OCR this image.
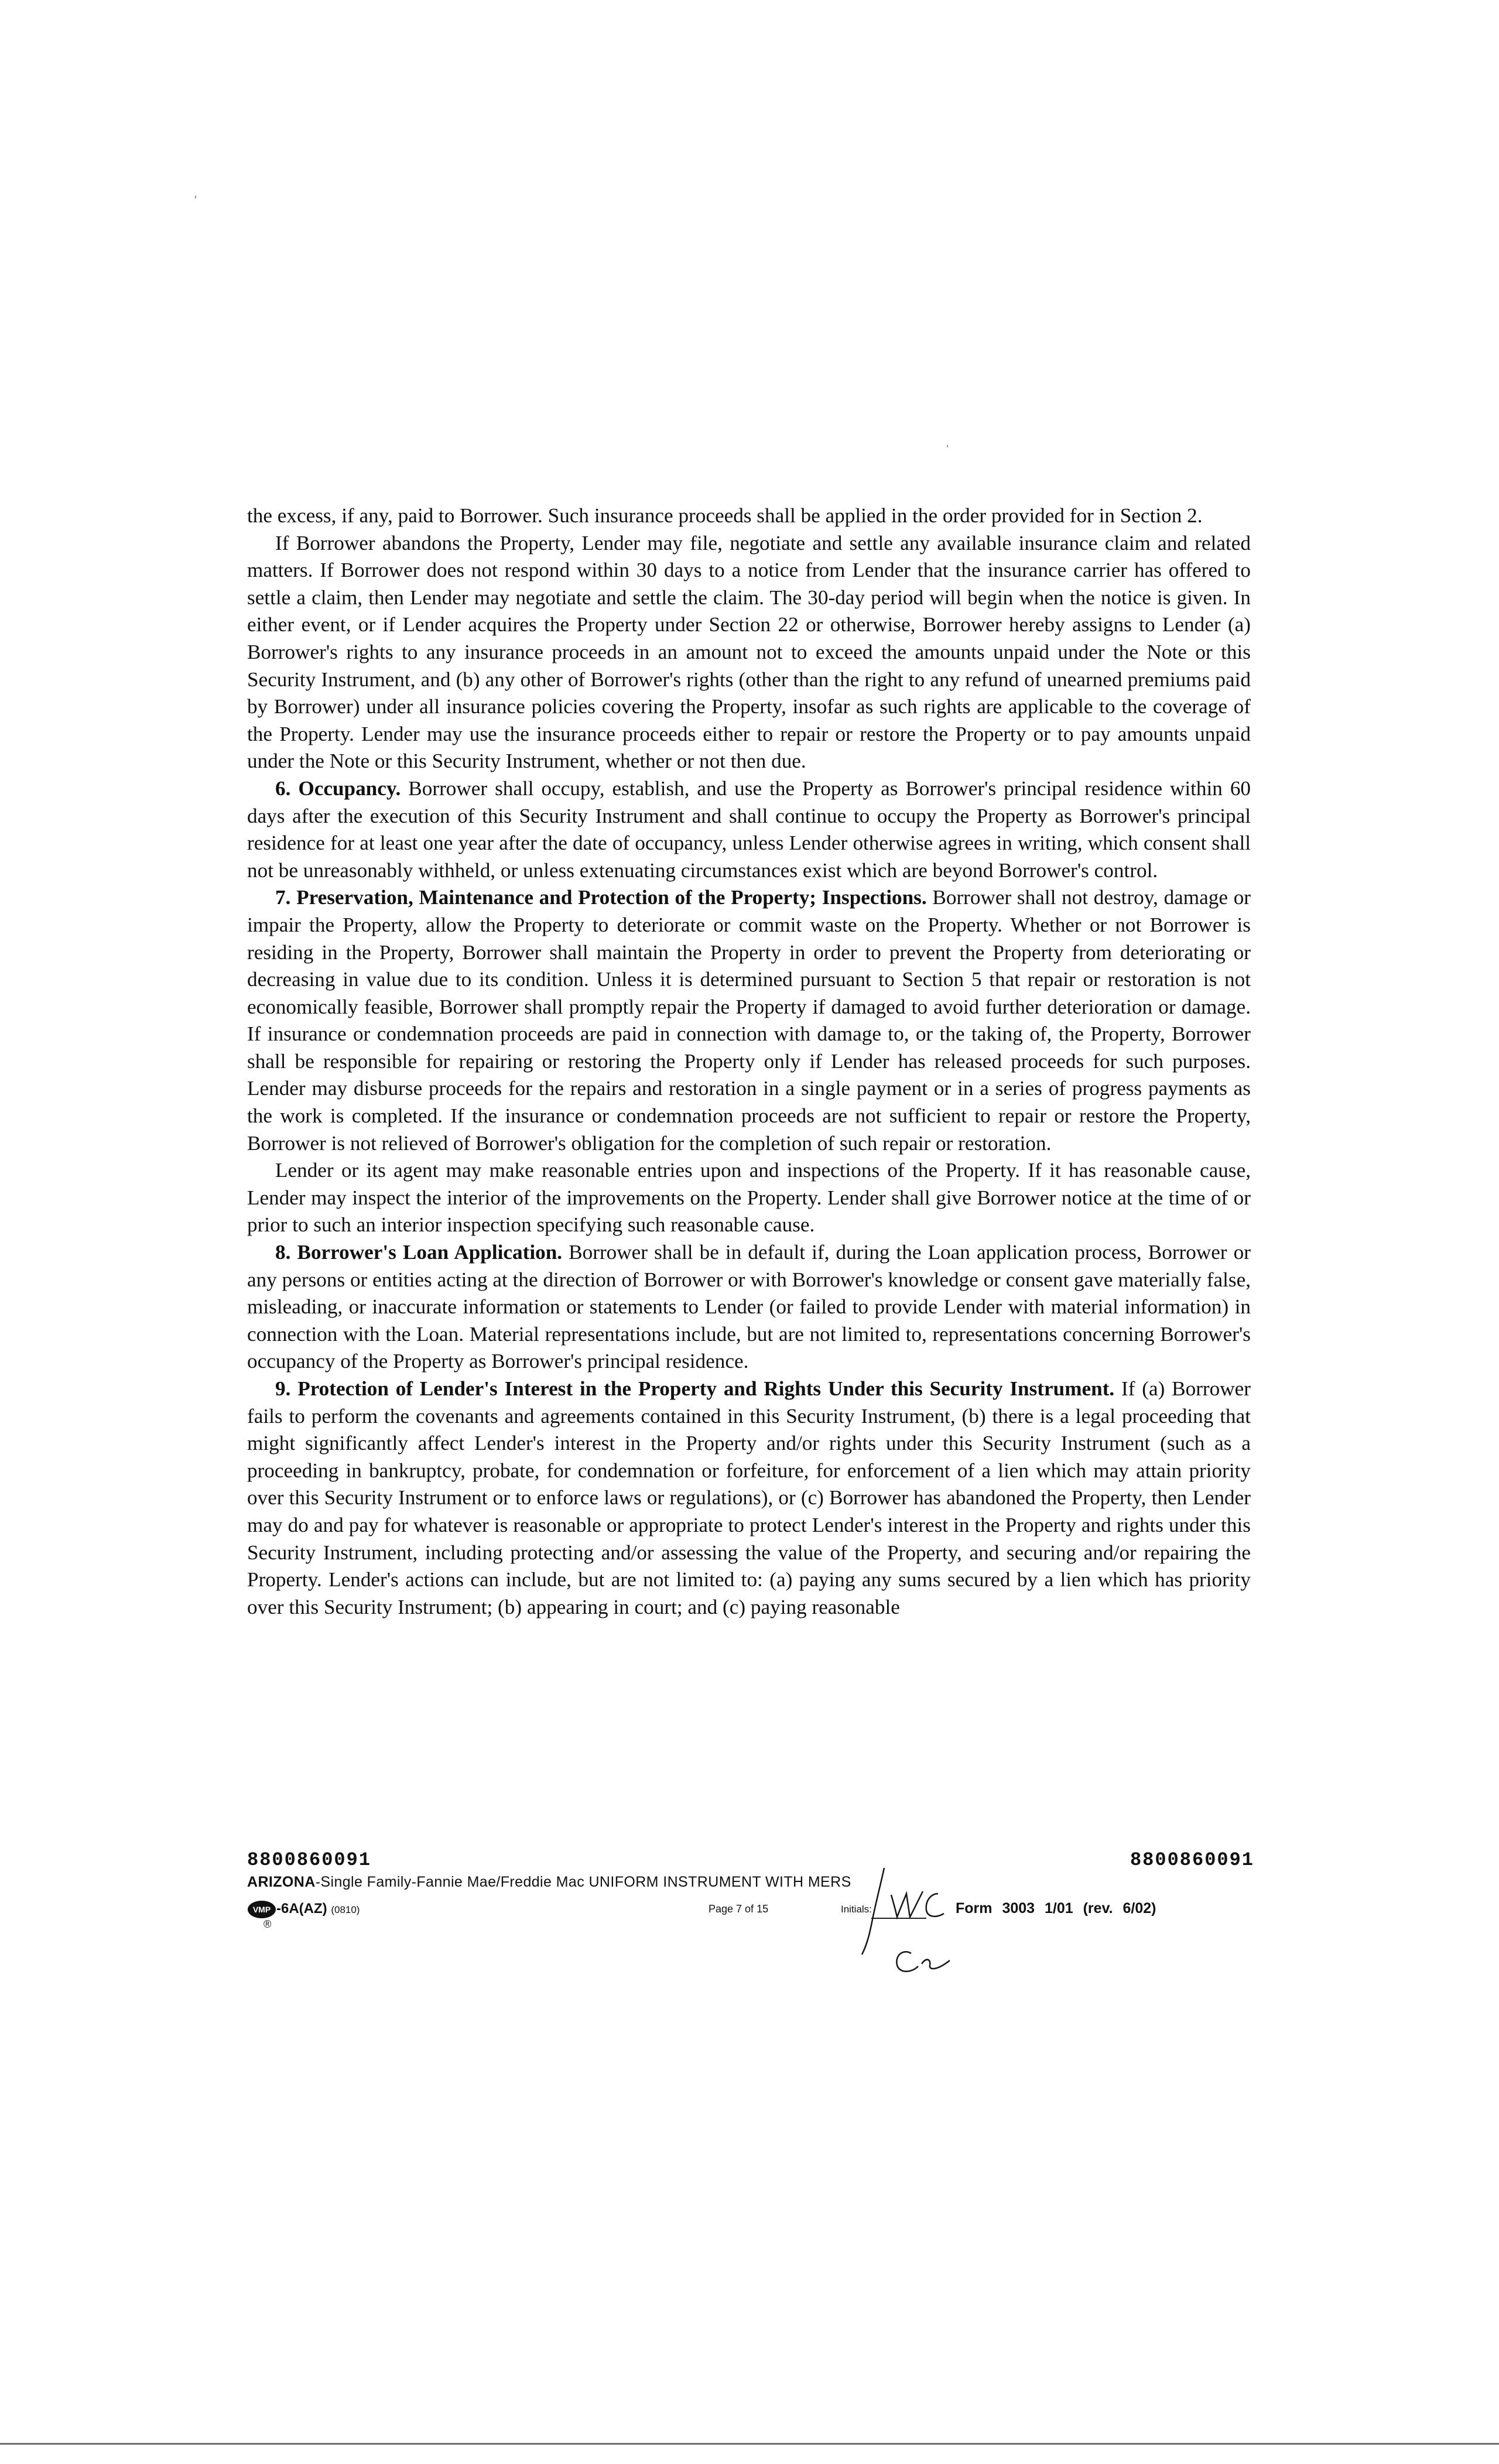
the excess, if any, paid to Borrower. Such insurance proceeds shall be applied in the order provided for in Section 2.

If Borrower abandons the Property, Lender may file, negotiate and settle any available insurance claim and related matters. If Borrower does not respond within 30 days to a notice from Lender that the insurance carrier has offered to settle a claim, then Lender may negotiate and settle the claim. The 30-day period will begin when the notice is given. In either event, or if Lender acquires the Property under Section 22 or otherwise, Borrower hereby assigns to Lender (a) Borrower's rights to any insurance proceeds in an amount not to exceed the amounts unpaid under the Note or this Security Instrument, and (b) any other of Borrower's rights (other than the right to any refund of unearned premiums paid by Borrower) under all insurance policies covering the Property, insofar as such rights are applicable to the coverage of the Property. Lender may use the insurance proceeds either to repair or restore the Property or to pay amounts unpaid under the Note or this Security Instrument, whether or not then due.

6. Occupancy. Borrower shall occupy, establish, and use the Property as Borrower's principal residence within 60 days after the execution of this Security Instrument and shall continue to occupy the Property as Borrower's principal residence for at least one year after the date of occupancy, unless Lender otherwise agrees in writing, which consent shall not be unreasonably withheld, or unless extenuating circumstances exist which are beyond Borrower's control.

7. Preservation, Maintenance and Protection of the Property; Inspections. Borrower shall not destroy, damage or impair the Property, allow the Property to deteriorate or commit waste on the Property. Whether or not Borrower is residing in the Property, Borrower shall maintain the Property in order to prevent the Property from deteriorating or decreasing in value due to its condition. Unless it is determined pursuant to Section 5 that repair or restoration is not economically feasible, Borrower shall promptly repair the Property if damaged to avoid further deterioration or damage. If insurance or condemnation proceeds are paid in connection with damage to, or the taking of, the Property, Borrower shall be responsible for repairing or restoring the Property only if Lender has released proceeds for such purposes. Lender may disburse proceeds for the repairs and restoration in a single payment or in a series of progress payments as the work is completed. If the insurance or condemnation proceeds are not sufficient to repair or restore the Property, Borrower is not relieved of Borrower's obligation for the completion of such repair or restoration.

Lender or its agent may make reasonable entries upon and inspections of the Property. If it has reasonable cause, Lender may inspect the interior of the improvements on the Property. Lender shall give Borrower notice at the time of or prior to such an interior inspection specifying such reasonable cause.

8. Borrower's Loan Application. Borrower shall be in default if, during the Loan application process, Borrower or any persons or entities acting at the direction of Borrower or with Borrower's knowledge or consent gave materially false, misleading, or inaccurate information or statements to Lender (or failed to provide Lender with material information) in connection with the Loan. Material representations include, but are not limited to, representations concerning Borrower's occupancy of the Property as Borrower's principal residence.

9. Protection of Lender's Interest in the Property and Rights Under this Security Instrument. If (a) Borrower fails to perform the covenants and agreements contained in this Security Instrument, (b) there is a legal proceeding that might significantly affect Lender's interest in the Property and/or rights under this Security Instrument (such as a proceeding in bankruptcy, probate, for condemnation or forfeiture, for enforcement of a lien which may attain priority over this Security Instrument or to enforce laws or regulations), or (c) Borrower has abandoned the Property, then Lender may do and pay for whatever is reasonable or appropriate to protect Lender's interest in the Property and rights under this Security Instrument, including protecting and/or assessing the value of the Property, and securing and/or repairing the Property. Lender's actions can include, but are not limited to: (a) paying any sums secured by a lien which has priority over this Security Instrument; (b) appearing in court; and (c) paying reasonable

8800860091	8800860091
ARIZONA-Single Family-Fannie Mae/Freddie Mac UNIFORM INSTRUMENT WITH MERS
VMP -6A(AZ) (0810)
®
Page 7 of 15	Initials:	Form 3003 1/01 (rev. 6/02)
